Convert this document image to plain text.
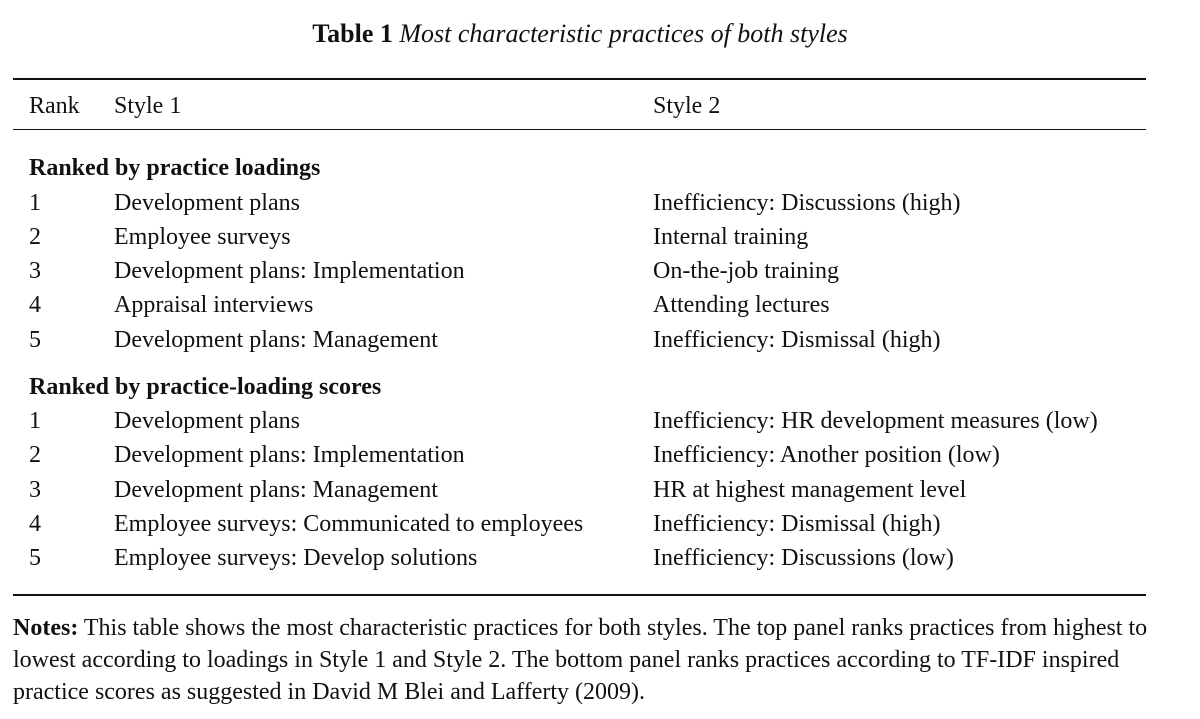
Table 1 Most characteristic practices of both styles
Rank Style 1	Style 2
Ranked by practice loadings
1	Development plans	Inefficiency: Discussions (high)
2	Employee surveys	Internal training
3	Development plans: Implementation	On-the-job training
4	Appraisal interviews	Attending lectures
5	Development plans: Management	Inefficiency: Dismissal (high)
Ranked by practice-loading scores
1	Development plans	Inefficiency: HR development measures (low)
2	Development plans: Implementation	Inefficiency: Another position (low)
3	Development plans: Management	HR at highest management level
4	Employee surveys: Communicated to employees	Inefficiency: Dismissal (high)
5	Employee surveys: Develop solutions	Inefficiency: Discussions (low)
Notes: This table shows the most characteristic practices for both styles. The top panel ranks practices from highest to lowest according to loadings in Style 1 and Style 2. The bottom panel ranks practices according to TF-IDF inspired practice scores as suggested in David M Blei and Lafferty (2009).
